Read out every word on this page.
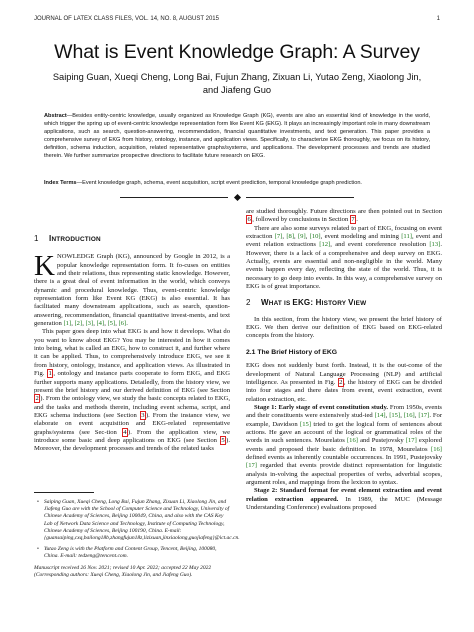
JOURNAL OF LATEX CLASS FILES, VOL. 14, NO. 8, AUGUST 2015	1
What is Event Knowledge Graph: A Survey
Saiping Guan, Xueqi Cheng, Long Bai, Fujun Zhang, Zixuan Li, Yutao Zeng, Xiaolong Jin,
and Jiafeng Guo
Abstract—Besides entity-centric knowledge, usually organized as Knowledge Graph (KG), events are also an essential kind of knowledge in the world, which trigger the spring up of event-centric knowledge representation form like Event KG (EKG). It plays an increasingly important role in many downstream applications, such as search, question-answering, recommendation, financial quantitative investments, and text generation. This paper provides a comprehensive survey of EKG from history, ontology, instance, and application views. Specifically, to characterize EKG thoroughly, we focus on its history, definition, schema induction, acquisition, related representative graphs/systems, and applications. The development processes and trends are studied therein. We further summarize prospective directions to facilitate future research on EKG.
Index Terms—Event knowledge graph, schema, event acquisition, script event prediction, temporal knowledge graph prediction.
1 INTRODUCTION

KNOWLEDGE Graph (KG), announced by Google in 2012, is a popular knowledge representation form. It fo-cuses on entities and their relations, thus representing static knowledge. However, there is a great deal of event information in the world, which conveys dynamic and procedural knowledge. Thus, event-centric knowledge representation form like Event KG (EKG) is also essential. It has facilitated many downstream applications, such as search, question-answering, recommendation, financial quantitative invest-ments, and text generation [1], [2], [3], [4], [5], [6].

This paper goes deep into what EKG is and how it develops. What do you want to know about EKG? You may be interested in how it comes into being, what is called an EKG, how to construct it, and further where it can be applied. Thus, to comprehensively introduce EKG, we see it from history, ontology, instance, and application views. As illustrated in Fig. 1 , ontology and instance parts cooperate to form EKG, and EKG further supports many applications. Detailedly, from the history view, we present the brief history and our derived definition of EKG (see Section 2 ). From the ontology view, we study the basic concepts related to EKG, and the tasks and methods therein, including event schema, script, and EKG schema inductions (see Section 3 ). From the instance view, we elaborate on event acquisition and EKG-related representative graphs/systems (see Sec-tion 4 ). From the application view, we introduce some basic and deep applications on EKG (see Section 5 ). Moreover, the development processes and trends of the related tasks

are studied thoroughly. Future directions are then pointed out in Section 6 , followed by conclusions in Section 7 .

There are also some surveys related to part of EKG, focusing on event extraction [7], [8], [9], [10], event modeling and mining [11], event and event relation extractions [12], and event coreference resolution [13]. However, there is a lack of a comprehensive and deep survey on EKG. Actually, events are essential and non-negligible in the world. Many events happen every day, reflecting the state of the world. Thus, it is necessary to go deep into events. In this way, a comprehensive survey on EKG is of great importance.

2 WHAT IS EKG: HISTORY VIEW

In this section, from the history view, we present the brief history of EKG. We then derive our definition of EKG based on EKG-related concepts from the history.

2.1 The Brief History of EKG

EKG does not suddenly burst forth. Instead, it is the out-come of the development of Natural Language Processing (NLP) and artificial intelligence. As presented in Fig. 2 , the history of EKG can be divided into four stages and there dates from event, event extraction, event relation extraction, etc.

Stage 1: Early stage of event constitution study. From 1950s, events and their constituents were extensively stud-ied [14], [15], [16], [17]. For example, Davidson [15] tried to get the logical form of sentences about actions. He gave an account of the logical or grammatical roles of the words in such sentences. Mourelatos [16] and Pustejovsky [17] explored events and proposed their basic definition. In 1978, Mourelatos [16] defined events as inherently countable occurrences. In 1991, Pustejovsky [17] regarded that events provide distinct representation for linguistic analysis in-volving the aspectual properties of verbs, adverbial scopes, argument roles, and mappings from the lexicon to syntax.

Stage 2: Standard format for event element extraction and event relation extraction appeared. In 1989, the MUC (Message Understanding Conference) evaluations proposed

• Saiping Guan, Xueqi Cheng, Long Bai, Fujun Zhang, Zixuan Li, Xiaolong Jin, and Jiafeng Guo are with the School of Computer Science and Technology, University of Chinese Academy of Sciences, Beijing 100049, China, and also with the CAS Key Lab of Network Data Science and Technology, Institute of Computing Technology, Chinese Academy of Sciences, Beijing 100190, China. E-mail: {guansaiping,cxq,bailong18b,zhangfujun18z,lizixuan,jinxiaolong,guojiafeng}@ict.ac.cn.
• Yutao Zeng is with the Platform and Content Group, Tencent, Beijing, 100080, China. E-mail: tedzeng@tencent.com.
Manuscript received 26 Nov. 2021; revised 10 Apr. 2022; accepted 22 May 2022 (Corresponding authors: Xueqi Cheng, Xiaolong Jin, and Jiafeng Guo).
